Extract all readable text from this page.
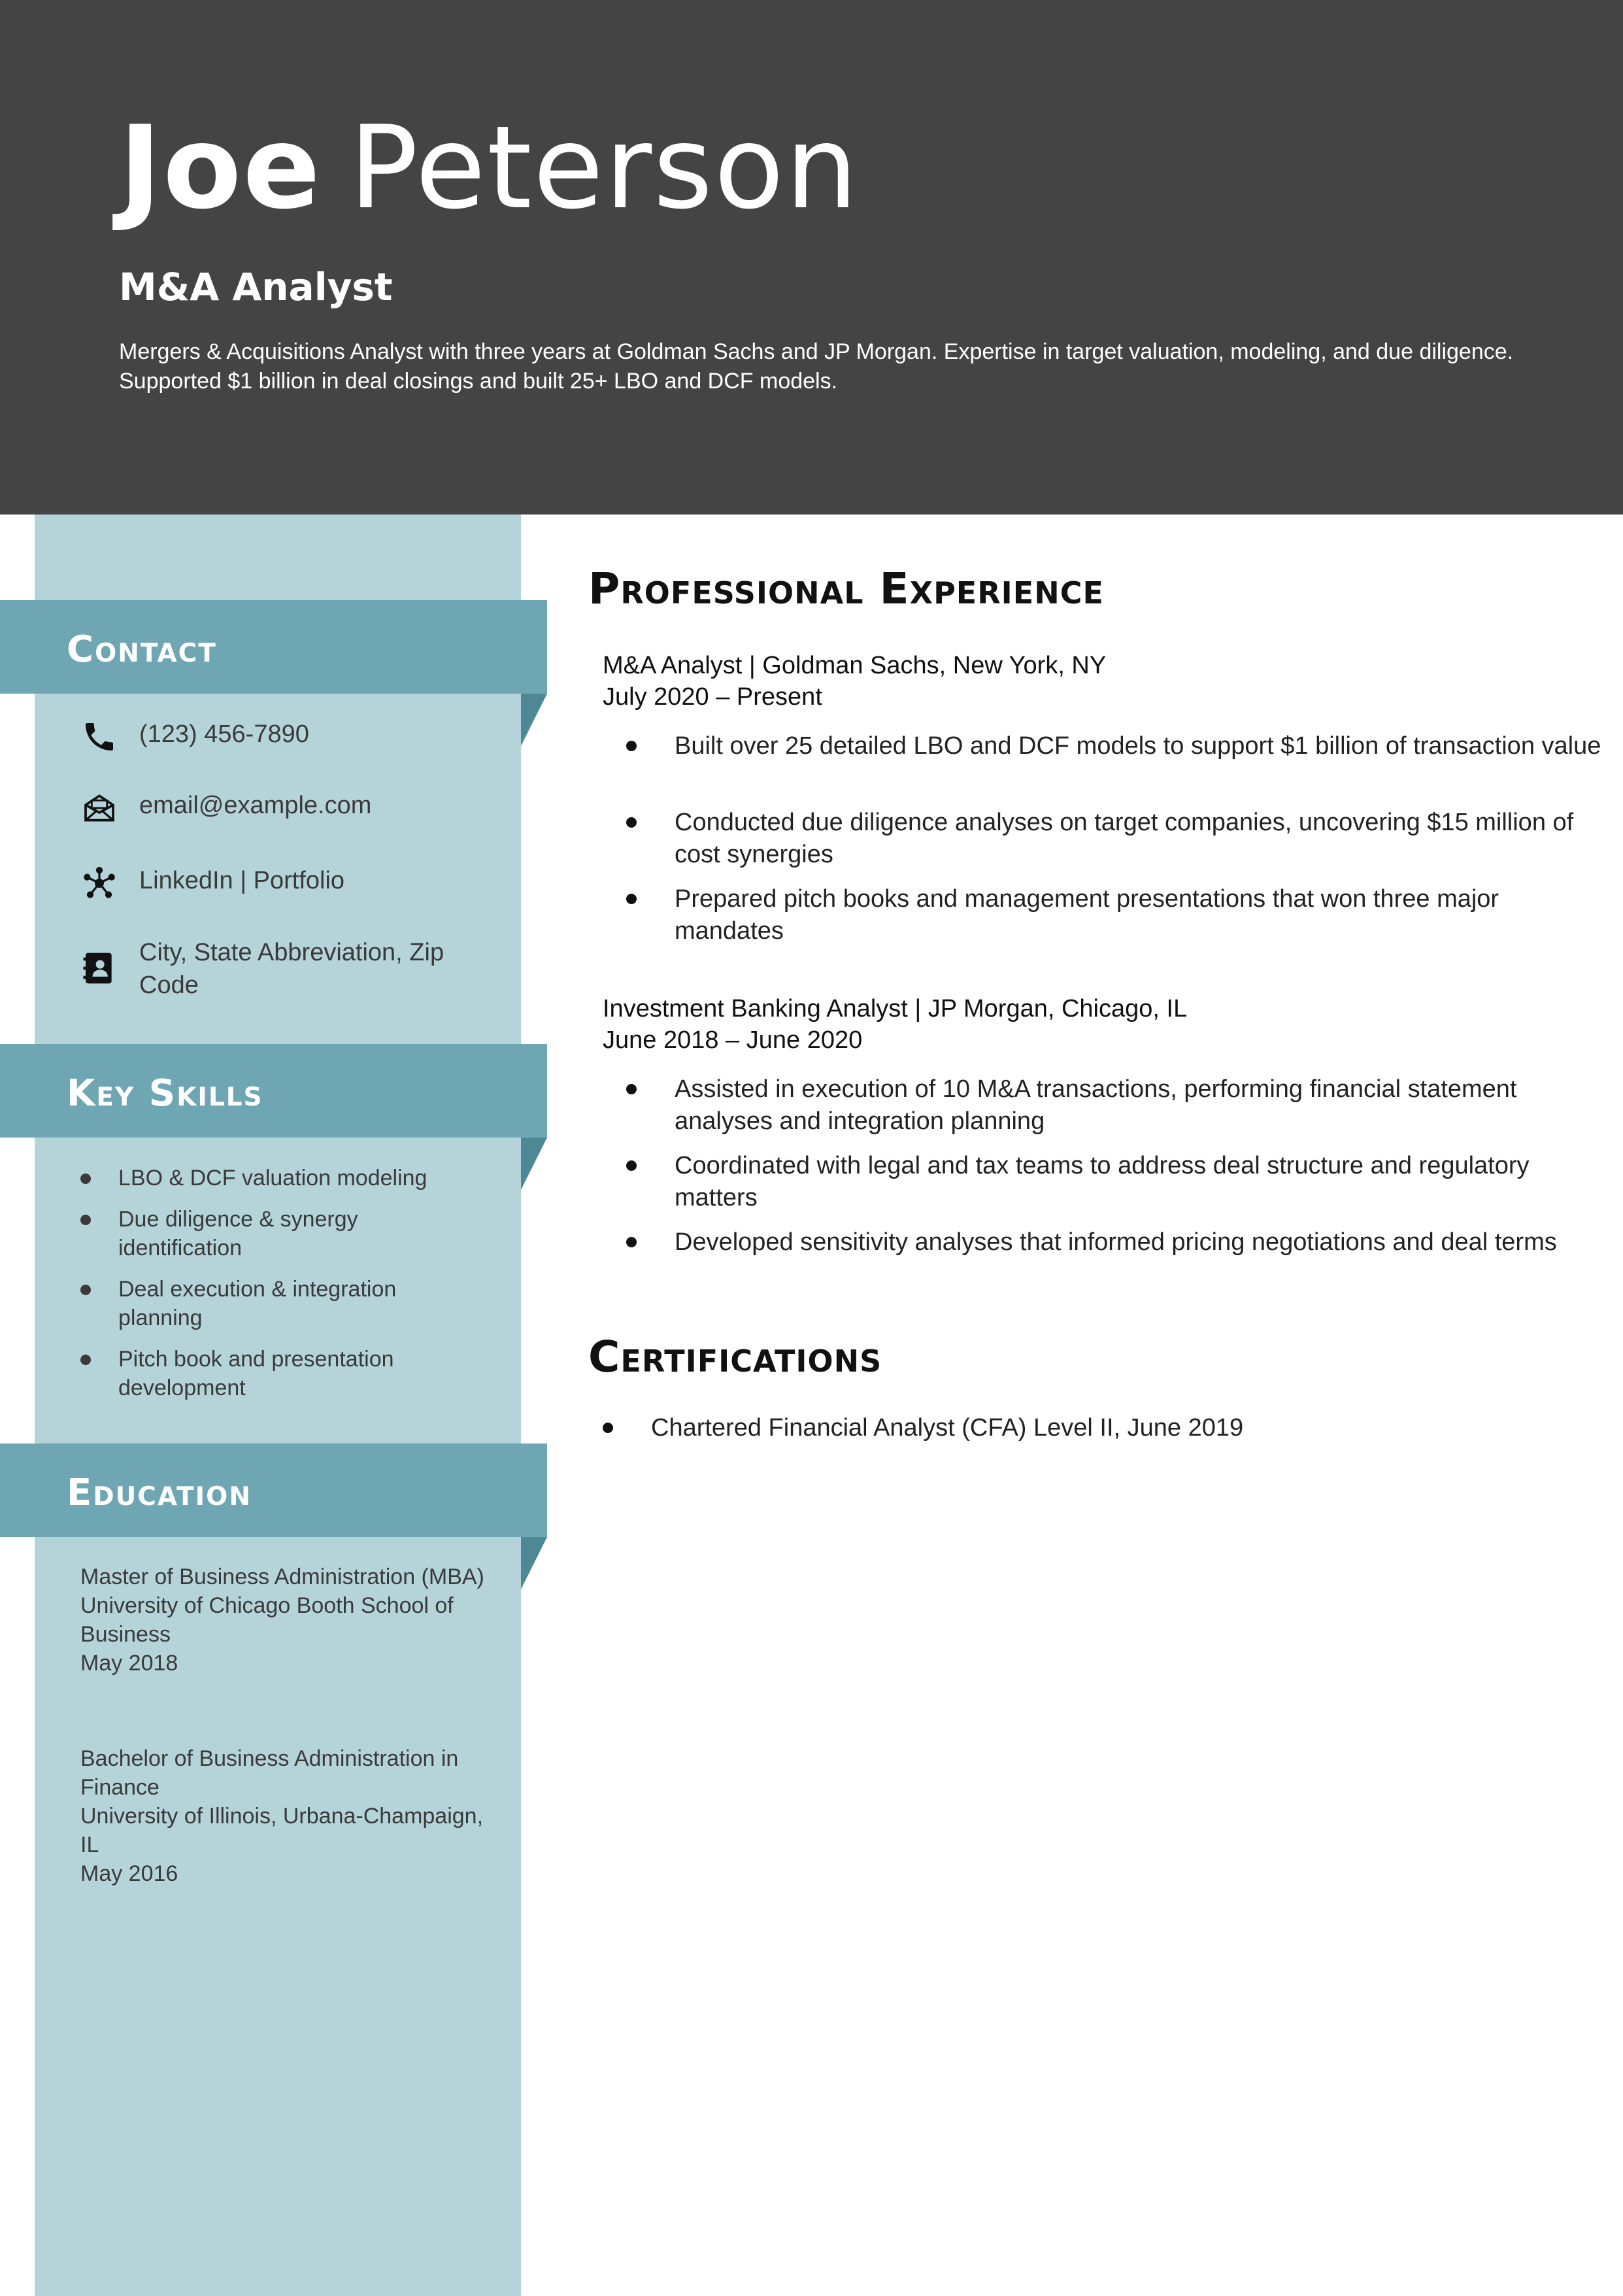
Joe Peterson
M&A Analyst
Mergers & Acquisitions Analyst with three years at Goldman Sachs and JP Morgan. Expertise in target valuation, modeling, and due diligence. Supported $1 billion in deal closings and built 25+ LBO and DCF models.
Contact
(123) 456-7890
email@example.com
LinkedIn | Portfolio
City, State Abbreviation, Zip Code
Key Skills
LBO & DCF valuation modeling
Due diligence & synergy identification
Deal execution & integration planning
Pitch book and presentation development
Education
Master of Business Administration (MBA)
University of Chicago Booth School of Business
May 2018
Bachelor of Business Administration in Finance
University of Illinois, Urbana-Champaign, IL
May 2016
Professional Experience
M&A Analyst | Goldman Sachs, New York, NY
July 2020 – Present
Built over 25 detailed LBO and DCF models to support $1 billion of transaction value
Conducted due diligence analyses on target companies, uncovering $15 million of cost synergies
Prepared pitch books and management presentations that won three major mandates
Investment Banking Analyst | JP Morgan, Chicago, IL
June 2018 – June 2020
Assisted in execution of 10 M&A transactions, performing financial statement analyses and integration planning
Coordinated with legal and tax teams to address deal structure and regulatory matters
Developed sensitivity analyses that informed pricing negotiations and deal terms
Certifications
Chartered Financial Analyst (CFA) Level II, June 2019
